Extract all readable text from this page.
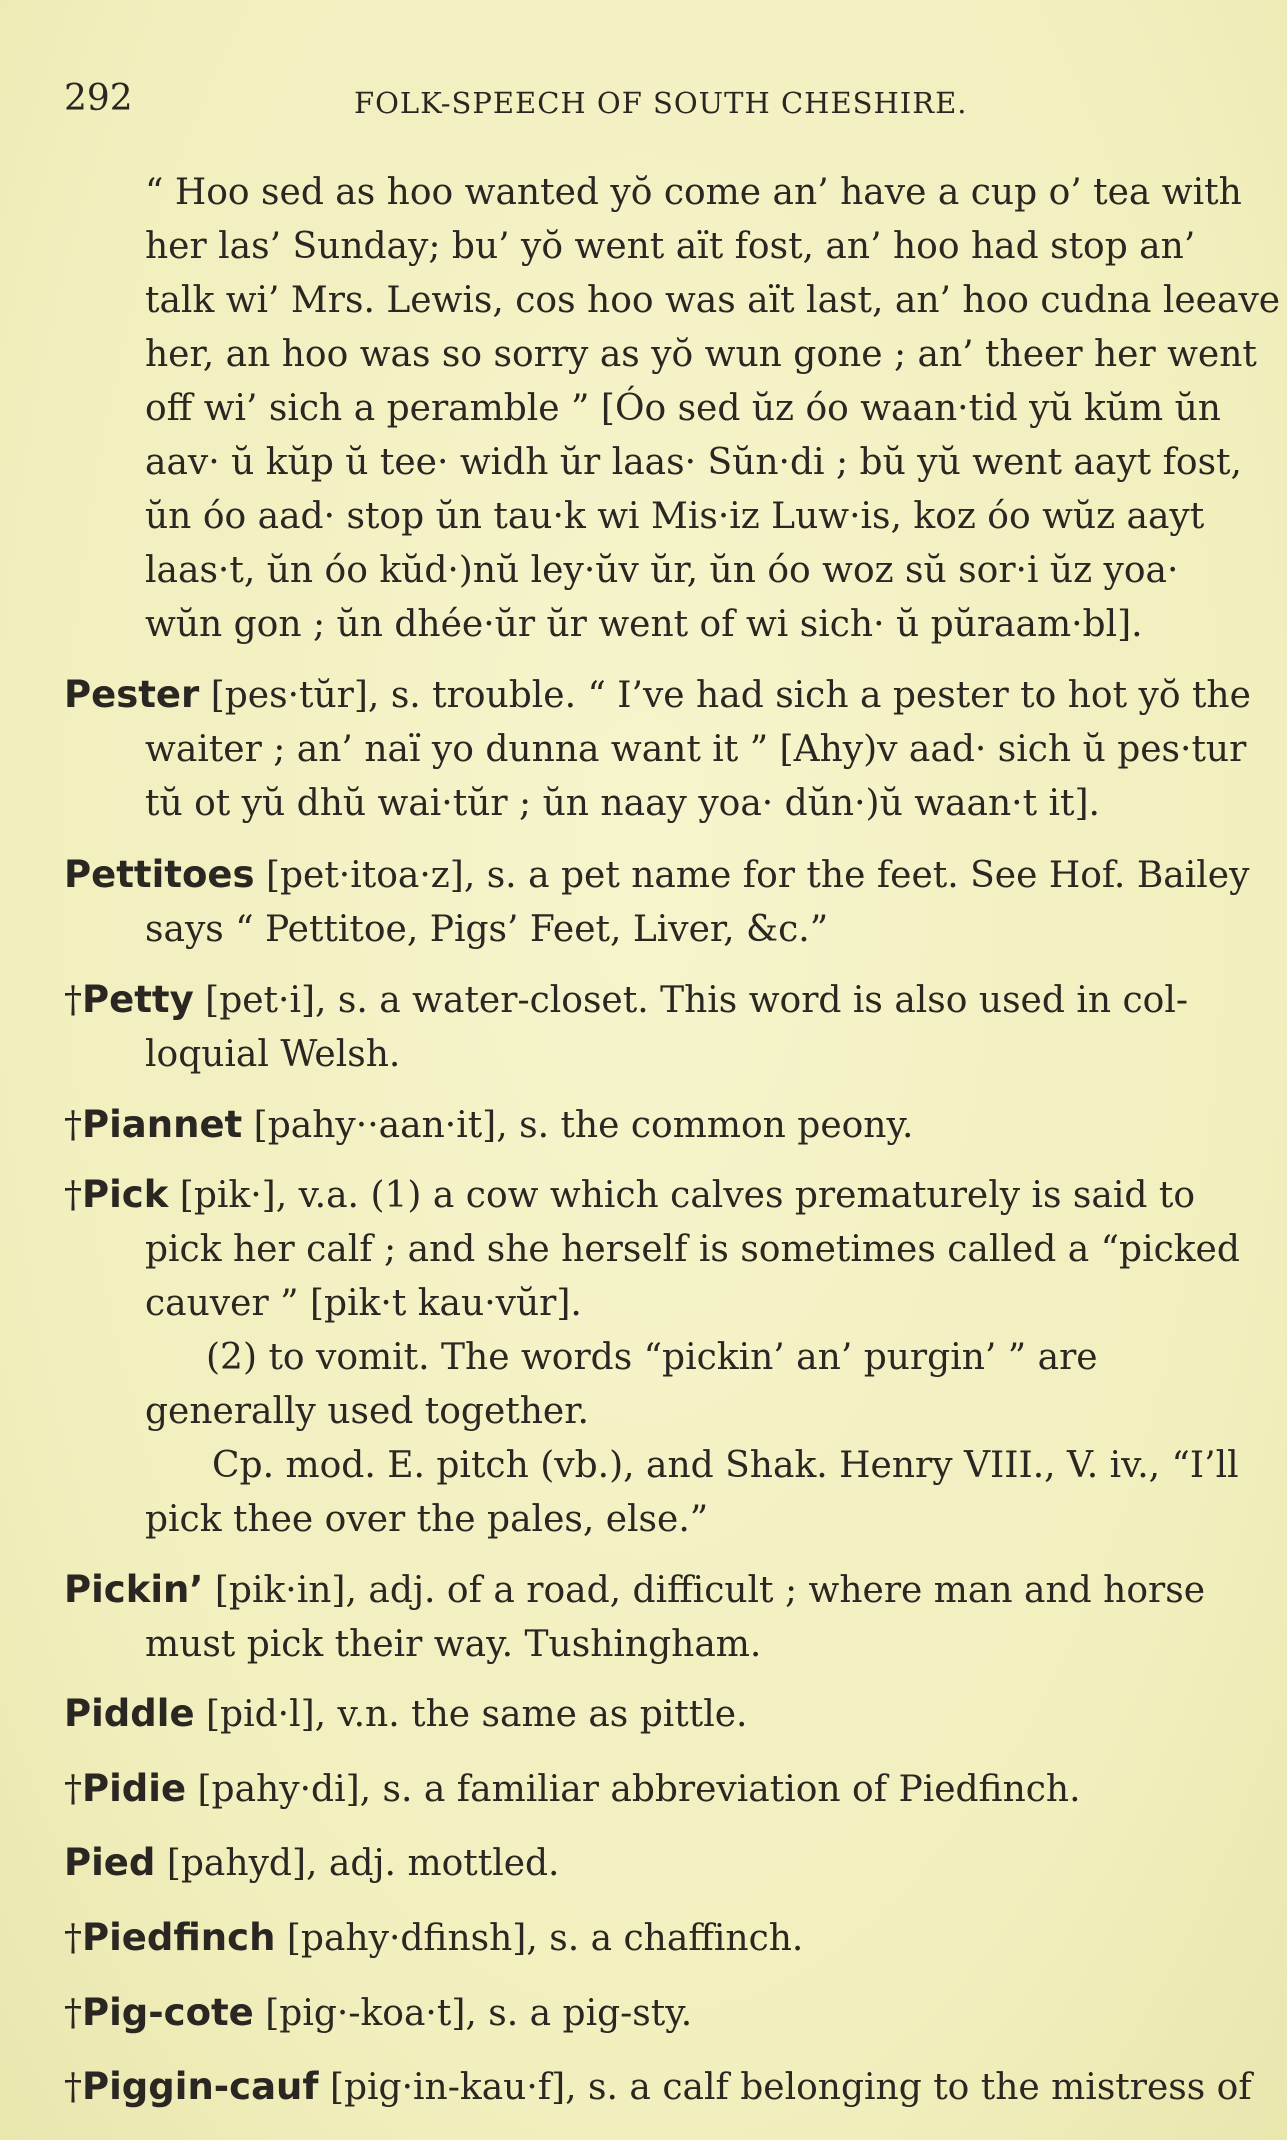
292	FOLK-SPEECH OF SOUTH CHESHIRE.
“ Hoo sed as hoo wanted yŏ come an’ have a cup o’ tea with
her las’ Sunday; bu’ yŏ went aït fost, an’ hoo had stop an’
talk wi’ Mrs. Lewis, cos hoo was aït last, an’ hoo cudna leeave
her, an hoo was so sorry as yŏ wun gone ; an’ theer her went
off wi’ sich a peramble ” [Óo sed ŭz óo waan·tid yŭ kŭm ŭn
aav· ŭ kŭp ŭ tee· widh ŭr laas· Sŭn·di ; bŭ yŭ went aayt fost,
ŭn óo aad· stop ŭn tau·k wi Mis·iz Luw·is, koz óo wŭz aayt
laas·t, ŭn óo kŭd·)nŭ ley·ŭv ŭr, ŭn óo woz sŭ sor·i ŭz yoa·
wŭn gon ; ŭn dhée·ŭr ŭr went of wi sich· ŭ pŭraam·bl].
Pester [pes·tŭr], s. trouble. “ I’ve had sich a pester to hot yŏ the
waiter ; an’ naï yo dunna want it ” [Ahy)v aad· sich ŭ pes·tur
tŭ ot yŭ dhŭ wai·tŭr ; ŭn naay yoa· dŭn·)ŭ waan·t it].
Pettitoes [pet·itoa·z], s. a pet name for the feet. See Hof. Bailey
says “ Pettitoe, Pigs’ Feet, Liver, &c.”
†Petty [pet·i], s. a water-closet. This word is also used in col-
loquial Welsh.
†Piannet [pahy··aan·it], s. the common peony.
†Pick [pik·], v.a. (1) a cow which calves prematurely is said to
pick her calf ; and she herself is sometimes called a “picked
cauver ” [pik·t kau·vŭr].
(2) to vomit. The words “pickin’ an’ purgin’ ” are
generally used together.
Cp. mod. E. pitch (vb.), and Shak. Henry VIII., V. iv., “I’ll
pick thee over the pales, else.”
Pickin’ [pik·in], adj. of a road, difficult ; where man and horse
must pick their way. Tushingham.
Piddle [pid·l], v.n. the same as pittle.
†Pidie [pahy·di], s. a familiar abbreviation of Piedfinch.
Pied [pahyd], adj. mottled.
†Piedfinch [pahy·dfinsh], s. a chaffinch.
†Pig-cote [pig·-koa·t], s. a pig-sty.
†Piggin-cauf [pig·in-kau·f], s. a calf belonging to the mistress of
